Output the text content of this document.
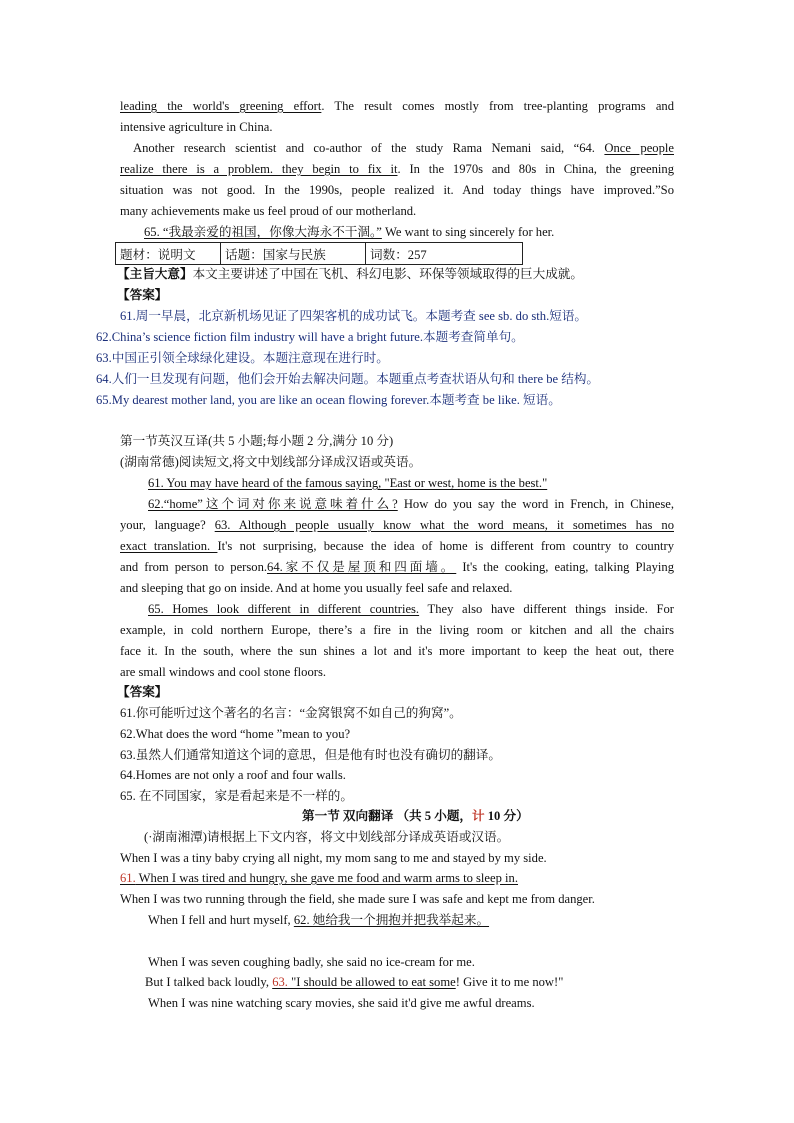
leading the world's greening effort. The result comes mostly from tree-planting programs and
intensive agriculture in China.
Another research scientist and co-author of the study Rama Nemani said, “64. Once people
realize there is a problem. they begin to fix it. In the 1970s and 80s in China, the greening
situation was not good. In the 1990s, people realized it. And today things have improved.”So
many achievements make us feel proud of our motherland.
65. “我最亲爱的祖国，你像大海永不干涸。” We want to sing sincerely for her.
题材：说明文	话题：国家与民族	词数：257
【主旨大意】本文主要讲述了中国在飞机、科幻电影、环保等领域取得的巨大成就。
【答案】
61.周一早晨，北京新机场见证了四架客机的成功试飞。本题考查 see sb. do sth.短语。
62.China’s science fiction film industry will have a bright future.本题考查简单句。
63.中国正引领全球绿化建设。本题注意现在进行时。
64.人们一旦发现有问题，他们会开始去解决问题。本题重点考查状语从句和 there be 结构。
65.My dearest mother land, you are like an ocean flowing forever.本题考查 be like. 短语。
第一节英汉互译(共 5 小题;每小题 2 分,满分 10 分)
(湖南常德)阅读短文,将文中划线部分译成汉语或英语。
61. You may have heard of the famous saying, "East or west, home is the best."
62.“home”这个词对你来说意味着什么? How do you say the word in French, in Chinese,
your, language? 63. Although people usually know what the word means, it sometimes has no
exact translation. It's not surprising, because the idea of home is different from country to country
and from person to person.64.家不仅是屋顶和四面墙。 It's the cooking, eating, talking Playing
and sleeping that go on inside. And at home you usually feel safe and relaxed.
65. Homes look different in different countries. They also have different things inside. For
example, in cold northern Europe, there’s a fire in the living room or kitchen and all the chairs
face it. In the south, where the sun shines a lot and it's more important to keep the heat out, there
are small windows and cool stone floors.
【答案】
61.你可能听过这个著名的名言：“金窝银窝不如自己的狗窝”。
62.What does the word “home ”mean to you?
63.虽然人们通常知道这个词的意思，但是他有时也没有确切的翻译。
64.Homes are not only a roof and four walls.
65. 在不同国家，家是看起来是不一样的。
第一节 双向翻译 （共 5 小题，计 10 分）
(·湖南湘潭)请根据上下文内容，将文中划线部分译成英语或汉语。
When I was a tiny baby crying all night, my mom sang to me and stayed by my side.
61. When I was tired and hungry, she gave me food and warm arms to sleep in.
When I was two running through the field, she made sure I was safe and kept me from danger.
When I fell and hurt myself, 62. 她给我一个拥抱并把我举起来。
When I was seven coughing badly, she said no ice-cream for me.
But I talked back loudly, 63. "I should be allowed to eat some! Give it to me now!"
When I was nine watching scary movies, she said it'd give me awful dreams.
